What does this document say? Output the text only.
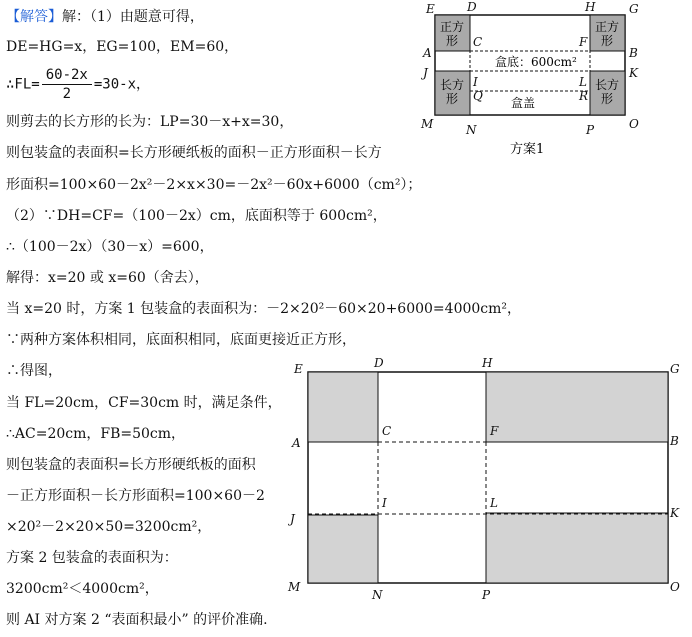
【解答】解：（1）由题意可得，
DE=HG=x，EG=100，EM=60，
∴FL= $\frac{60-2x}{2} =30-x$，
则剪去的长方形的长为：LP=30－x+x=30，
则包装盒的表面积=长方形硬纸板的面积－正方形面积－长方
形面积=100×60－2x²－2×x×30=－2x²－60x+6000（cm²）；
（2）∵DH=CF=（100－2x）cm，底面积等于 600cm²，
∴（100－2x）（30－x）=600，
解得：x=20 或 x=60（舍去），
当 x=20 时，方案 1 包装盒的表面积为：－2×20²－60×20+6000=4000cm²，
∵两种方案体积相同，底面积相同，底面更接近正方形，
∴得图，
当 FL=20cm，CF=30cm 时，满足条件，
∴AC=20cm，FB=50cm，
则包装盒的表面积=长方形硬纸板的面积
－正方形面积－长方形面积=100×60－2
×20²－2×20×50=3200cm²，
方案 2 包装盒的表面积为：
3200cm²＜4000cm²，
则 AI 对方案 2 “表面积最小” 的评价准确.
正方形
正方形
长方形
长方形
盒底：600cm²
盒盖
E	D	H	G
A
C	F
B
J
I	L
K
Q	R
M	N	P	O
方案1
E	D	H	G
A
C	F
B
J
I	L
K
M
N	P
O
